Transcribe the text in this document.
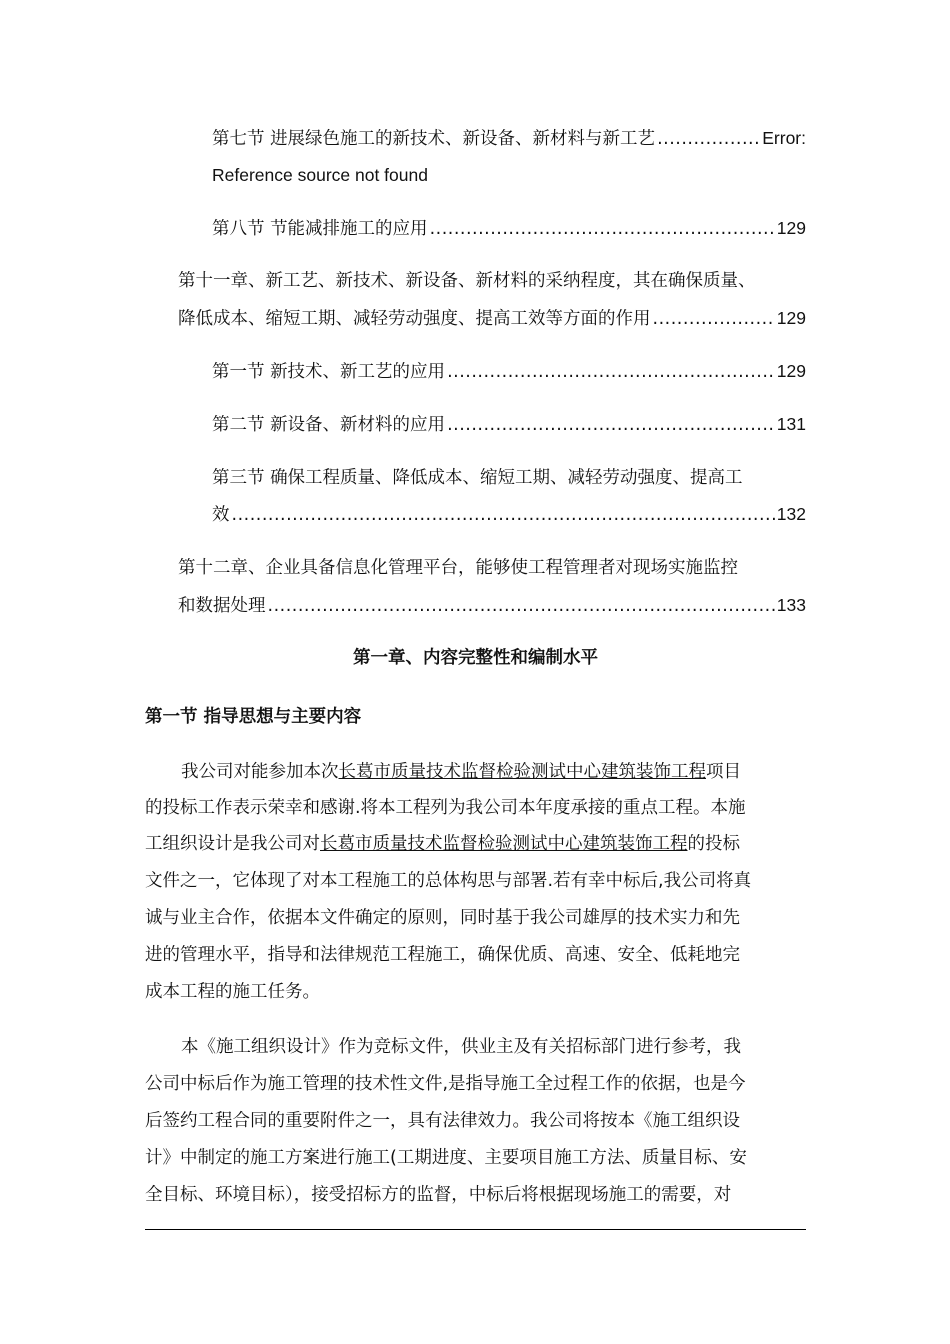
第七节 进展绿色施工的新技术、新设备、新材料与新工艺 .....	Error:
Reference source not found
第八节 节能减排施工的应用 .....	129
第十一章、新工艺、新技术、新设备、新材料的采纳程度，其在确保质量、
降低成本、缩短工期、减轻劳动强度、提高工效等方面的作用 .....	129
第一节 新技术、新工艺的应用 .....	129
第二节 新设备、新材料的应用 .....	131
第三节 确保工程质量、降低成本、缩短工期、减轻劳动强度、提高工
效 .....	132
第十二章、企业具备信息化管理平台，能够使工程管理者对现场实施监控
和数据处理 .....	133
第一章、内容完整性和编制水平
第一节 指导思想与主要内容
我公司对能参加本次长葛市质量技术监督检验测试中心建筑装饰工程项目
的投标工作表示荣幸和感谢.将本工程列为我公司本年度承接的重点工程。本施
工组织设计是我公司对长葛市质量技术监督检验测试中心建筑装饰工程的投标
文件之一，它体现了对本工程施工的总体构思与部署.若有幸中标后,我公司将真
诚与业主合作，依据本文件确定的原则，同时基于我公司雄厚的技术实力和先
进的管理水平，指导和法律规范工程施工，确保优质、高速、安全、低耗地完
成本工程的施工任务。
本《施工组织设计》作为竞标文件，供业主及有关招标部门进行参考，我
公司中标后作为施工管理的技术性文件,是指导施工全过程工作的依据，也是今
后签约工程合同的重要附件之一，具有法律效力。我公司将按本《施工组织设
计》中制定的施工方案进行施工(工期进度、主要项目施工方法、质量目标、安
全目标、环境目标），接受招标方的监督，中标后将根据现场施工的需要，对
